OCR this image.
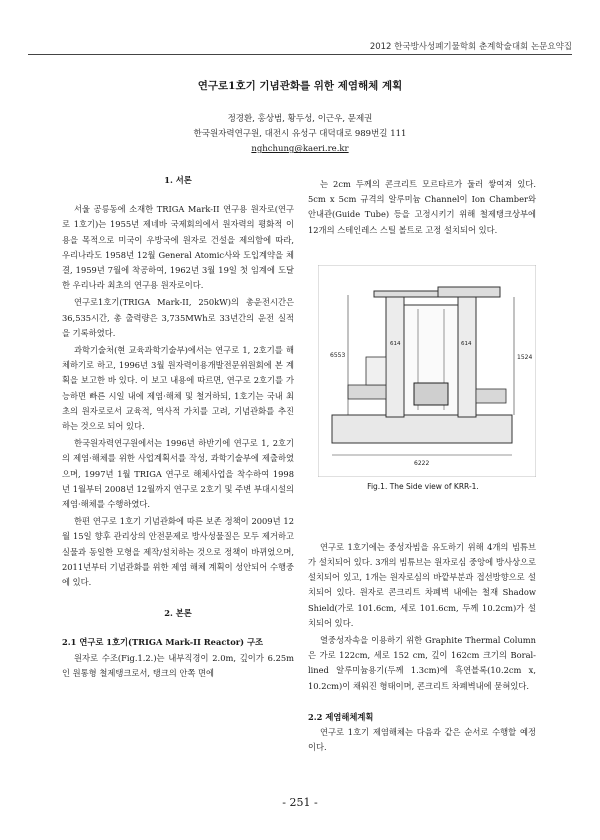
2012 한국방사성폐기물학회 춘계학술대회 논문요약집
연구로1호기 기념관화를 위한 제염해체 계획
정경환, 홍상범, 황두성, 이근우, 문제권
한국원자력연구원, 대전시 유성구 대덕대로 989번길 111
nghchung@kaeri.re.kr
1. 서론

서울 공릉동에 소재한 TRIGA Mark-II 연구용 원자로(연구로 1호기)는 1955년 제네바 국제회의에서 원자력의 평화적 이용을 목적으로 미국이 우방국에 원자로 건설을 제의함에 따라, 우리나라도 1958년 12월 General Atomic사와 도입계약을 체결, 1959년 7월에 착공하여, 1962년 3월 19일 첫 임계에 도달한 우리나라 최초의 연구용 원자로이다.

연구로1호기(TRIGA Mark-II, 250kW)의 총운전시간은 36,535시간, 총 출력량은 3,735MWh로 33년간의 운전 실적을 기록하였다.

과학기술처(현 교육과학기술부)에서는 연구로 1, 2호기를 해체하기로 하고, 1996년 3월 원자력이용개발전문위원회에 본 계획을 보고한 바 있다. 이 보고 내용에 따르면, 연구로 2호기를 가능하면 빠른 시일 내에 제염·해체 및 철거하되, 1호기는 국내 최초의 원자로로서 교육적, 역사적 가치를 고려, 기념관화를 추진하는 것으로 되어 있다.

한국원자력연구원에서는 1996년 하반기에 연구로 1, 2호기의 제염·해체를 위한 사업계획서를 작성, 과학기술부에 제출하였으며, 1997년 1월 TRIGA 연구로 해체사업을 착수하여 1998년 1월부터 2008년 12월까지 연구로 2호기 및 주변 부대시설의 제염·해체를 수행하였다.

한편 연구로 1호기 기념관화에 따른 보존 정책이 2009년 12월 15일 향후 관리상의 안전문제로 방사성물질은 모두 제거하고 실물과 동일한 모형을 제작/설치하는 것으로 정책이 바뀌었으며, 2011년부터 기념관화를 위한 제염 해체 계획이 성안되어 수행중에 있다.

2. 본론
2.1 연구로 1호기(TRIGA Mark-II Reactor) 구조

원자로 수조(Fig.1.2.)는 내부직경이 2.0m, 깊이가 6.25m인 원통형 철제탱크로서, 탱크의 안쪽 면에

는 2cm 두께의 콘크리트 모르타르가 둘러 쌓여져 있다. 5cm x 5cm 규격의 알루미늄 Channel이 Ion Chamber와 안내관(Guide Tube) 등을 고정시키기 위해 철제탱크상부에 12개의 스테인레스 스틸 볼트로 고정 설치되어 있다.

연구로 1호기에는 중성자빔을 유도하기 위해 4개의 빔튜브가 설치되어 있다. 3개의 빔튜브는 원자로심 중앙에 방사상으로 설치되어 있고, 1개는 원자로심의 바깥부분과 접선방향으로 설치되어 있다. 원자로 콘크리트 차폐벽 내에는 철재 Shadow Shield(가로 101.6cm, 세로 101.6cm, 두께 10.2cm)가 설치되어 있다.

열중성자속을 이용하기 위한 Graphite Thermal Column은 가로 122cm, 세로 152 cm, 깊이 162cm 크기의 Boral-lined 알루미늄용기(두께 1.3cm)에 흑연블록(10.2cm x, 10.2cm)이 채워진 형태이며, 콘크리트 차폐벽내에 묻혀있다.

2.2 제염해체계획

연구로 1호기 제염해체는 다음과 같은 순서로 수행할 예정이다.

6553	1524
614	614
6222
Fig.1. The Side view of KRR-1.
- 251 -
